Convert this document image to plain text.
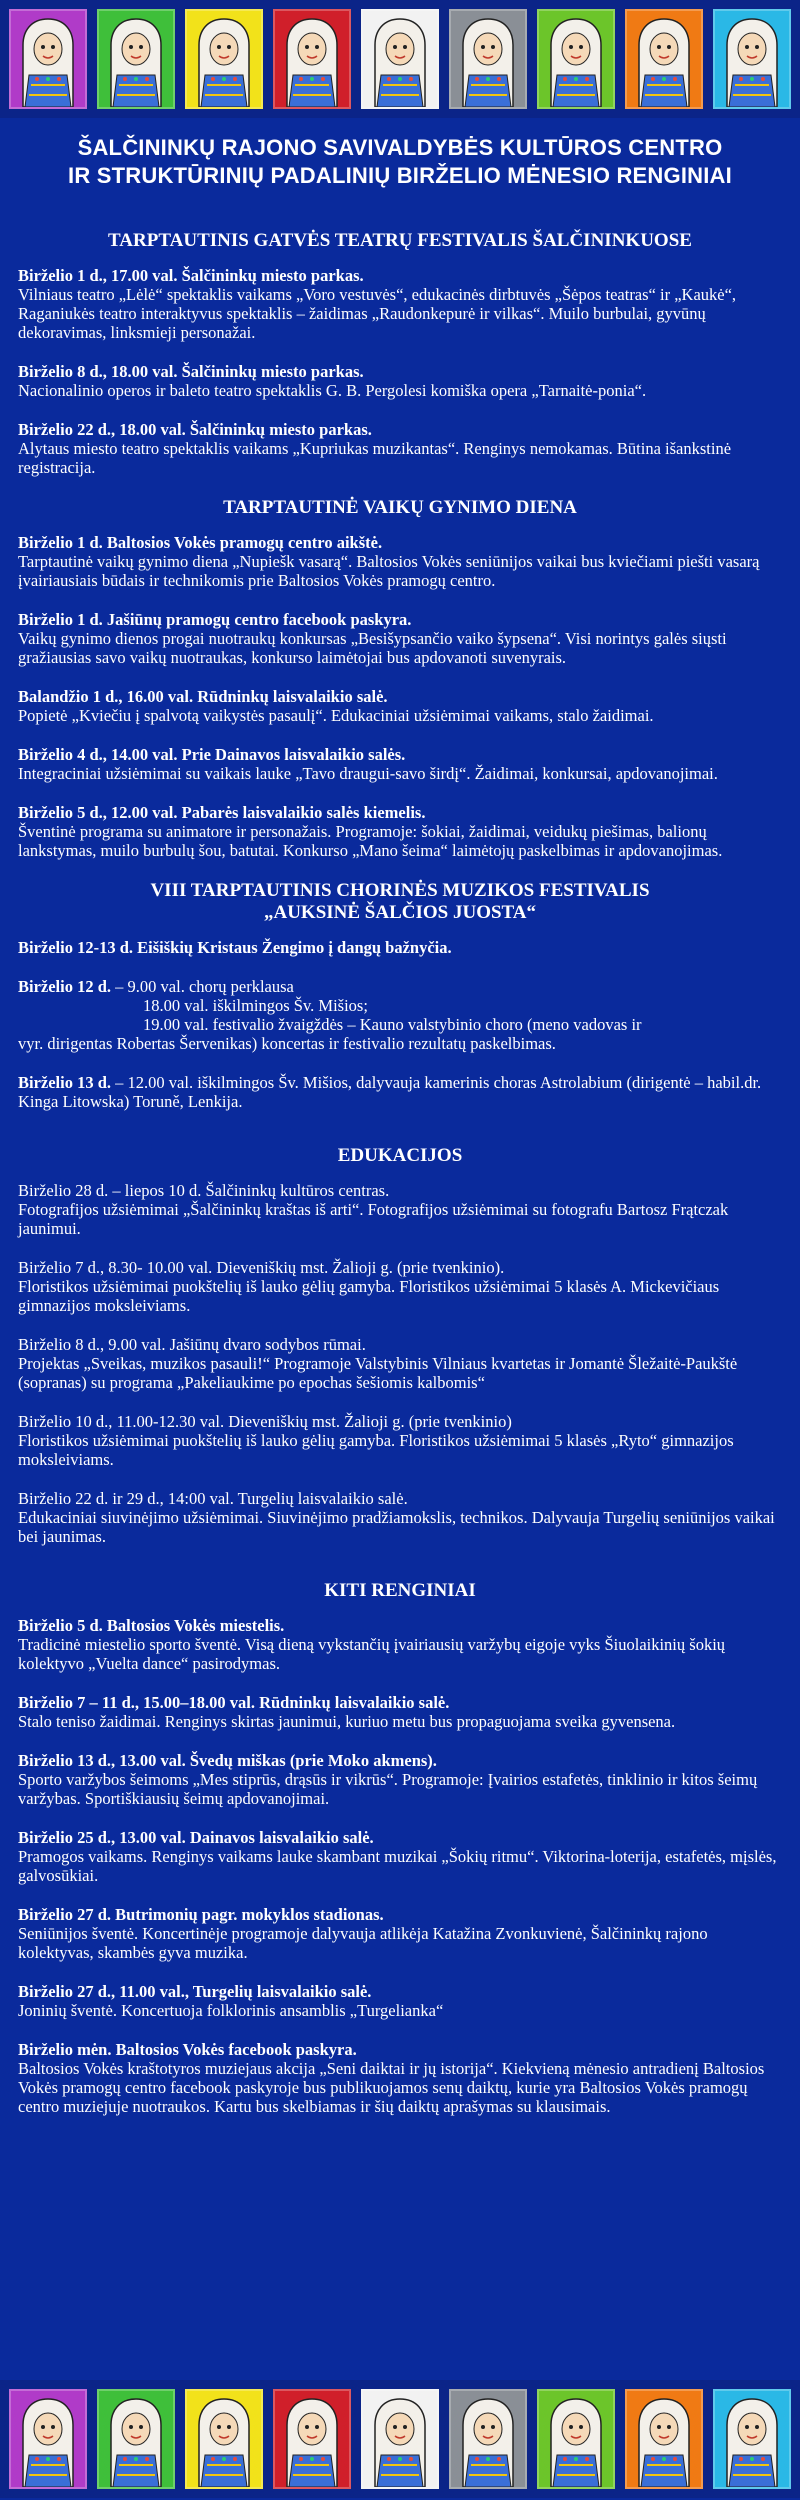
ŠALČININKŲ RAJONO SAVIVALDYBĖS KULTŪROS CENTRO
IR STRUKTŪRINIŲ PADALINIŲ BIRŽELIO MĖNESIO RENGINIAI
TARPTAUTINIS GATVĖS TEATRŲ FESTIVALIS ŠALČININKUOSE
Birželio 1 d., 17.00 val. Šalčininkų miesto parkas.
Vilniaus teatro „Lėlė“ spektaklis vaikams „Voro vestuvės“, edukacinės dirbtuvės „Šėpos teatras“ ir „Kaukė“, Raganiukės teatro interaktyvus spektaklis – žaidimas „Raudonkepurė ir vilkas“. Muilo burbulai, gyvūnų dekoravimas, linksmieji personažai.
Birželio 8 d., 18.00 val. Šalčininkų miesto parkas.
Nacionalinio operos ir baleto teatro spektaklis G. B. Pergolesi komiška opera „Tarnaitė-ponia“.
Birželio 22 d., 18.00 val. Šalčininkų miesto parkas.
Alytaus miesto teatro spektaklis vaikams „Kupriukas muzikantas“. Renginys nemokamas. Būtina išankstinė registracija.
TARPTAUTINĖ VAIKŲ GYNIMO DIENA
Birželio 1 d. Baltosios Vokės pramogų centro aikštė.
Tarptautinė vaikų gynimo diena „Nupiešk vasarą“. Baltosios Vokės seniūnijos vaikai bus kviečiami piešti vasarą įvairiausiais būdais ir technikomis prie Baltosios Vokės pramogų centro.
Birželio 1 d. Jašiūnų pramogų centro facebook paskyra.
Vaikų gynimo dienos progai nuotraukų konkursas „Besišypsančio vaiko šypsena“. Visi norintys galės siųsti gražiausias savo vaikų nuotraukas, konkurso laimėtojai bus apdovanoti suvenyrais.
Balandžio 1 d., 16.00 val. Rūdninkų laisvalaikio salė.
Popietė „Kviečiu į spalvotą vaikystės pasaulį“. Edukaciniai užsiėmimai vaikams, stalo žaidimai.
Birželio 4 d., 14.00 val. Prie Dainavos laisvalaikio salės.
Integraciniai užsiėmimai su vaikais lauke „Tavo draugui-savo širdį“. Žaidimai, konkursai, apdovanojimai.
Birželio 5 d., 12.00 val. Pabarės laisvalaikio salės kiemelis.
Šventinė programa su animatore ir personažais. Programoje: šokiai, žaidimai, veidukų piešimas, balionų lankstymas, muilo burbulų šou, batutai. Konkurso „Mano šeima“ laimėtojų paskelbimas ir apdovanojimas.
VIII TARPTAUTINIS CHORINĖS MUZIKOS FESTIVALIS
„AUKSINĖ ŠALČIOS JUOSTA“
Birželio 12-13 d. Eišiškių Kristaus Žengimo į dangų bažnyčia.
Birželio 12 d. – 9.00 val. chorų perklausa
18.00 val. iškilmingos Šv. Mišios;
19.00 val. festivalio žvaigždės – Kauno valstybinio choro (meno vadovas ir
vyr. dirigentas Robertas Šervenikas) koncertas ir festivalio rezultatų paskelbimas.
Birželio 13 d. – 12.00 val. iškilmingos Šv. Mišios, dalyvauja kamerinis choras Astrolabium (dirigentė – habil.dr. Kinga Litowska) Toruně, Lenkija.
EDUKACIJOS
Birželio 28 d. – liepos 10 d. Šalčininkų kultūros centras.
Fotografijos užsiėmimai „Šalčininkų kraštas iš arti“. Fotografijos užsiėmimai su fotografu Bartosz Frątczak jaunimui.
Birželio 7 d., 8.30- 10.00 val. Dieveniškių mst. Žalioji g. (prie tvenkinio).
Floristikos užsiėmimai puokštelių iš lauko gėlių gamyba. Floristikos užsiėmimai 5 klasės A. Mickevičiaus gimnazijos moksleiviams.
Birželio 8 d., 9.00 val. Jašiūnų dvaro sodybos rūmai.
Projektas „Sveikas, muzikos pasauli!“ Programoje Valstybinis Vilniaus kvartetas ir Jomantė Šležaitė-Paukštė (sopranas) su programa „Pakeliaukime po epochas šešiomis kalbomis“
Birželio 10 d., 11.00-12.30 val. Dieveniškių mst. Žalioji g. (prie tvenkinio)
Floristikos užsiėmimai puokštelių iš lauko gėlių gamyba. Floristikos užsiėmimai 5 klasės „Ryto“ gimnazijos moksleiviams.
Birželio 22 d. ir 29 d., 14:00 val. Turgelių laisvalaikio salė.
Edukaciniai siuvinėjimo užsiėmimai. Siuvinėjimo pradžiamokslis, technikos. Dalyvauja Turgelių seniūnijos vaikai bei jaunimas.
KITI RENGINIAI
Birželio 5 d. Baltosios Vokės miestelis.
Tradicinė miestelio sporto šventė. Visą dieną vykstančių įvairiausių varžybų eigoje vyks Šiuolaikinių šokių kolektyvo „Vuelta dance“ pasirodymas.
Birželio 7 – 11 d., 15.00–18.00 val. Rūdninkų laisvalaikio salė.
Stalo teniso žaidimai. Renginys skirtas jaunimui, kuriuo metu bus propaguojama sveika gyvensena.
Birželio 13 d., 13.00 val. Švedų miškas (prie Moko akmens).
Sporto varžybos šeimoms „Mes stiprūs, drąsūs ir vikrūs“. Programoje: Įvairios estafetės, tinklinio ir kitos šeimų varžybas. Sportiškiausių šeimų apdovanojimai.
Birželio 25 d., 13.00 val. Dainavos laisvalaikio salė.
Pramogos vaikams. Renginys vaikams lauke skambant muzikai „Šokių ritmu“. Viktorina-loterija, estafetės, mįslės, galvosūkiai.
Birželio 27 d. Butrimonių pagr. mokyklos stadionas.
Seniūnijos šventė. Koncertinėje programoje dalyvauja atlikėja Katažina Zvonkuvienė, Šalčininkų rajono kolektyvas, skambės gyva muzika.
Birželio 27 d., 11.00 val., Turgelių laisvalaikio salė.
Joninių šventė. Koncertuoja folklorinis ansamblis „Turgelianka“
Birželio mėn. Baltosios Vokės facebook paskyra.
Baltosios Vokės kraštotyros muziejaus akcija „Seni daiktai ir jų istorija“. Kiekvieną mėnesio antradienį Baltosios Vokės pramogų centro facebook paskyroje bus publikuojamos senų daiktų, kurie yra Baltosios Vokės pramogų centro muziejuje nuotraukos. Kartu bus skelbiamas ir šių daiktų aprašymas su klausimais.
